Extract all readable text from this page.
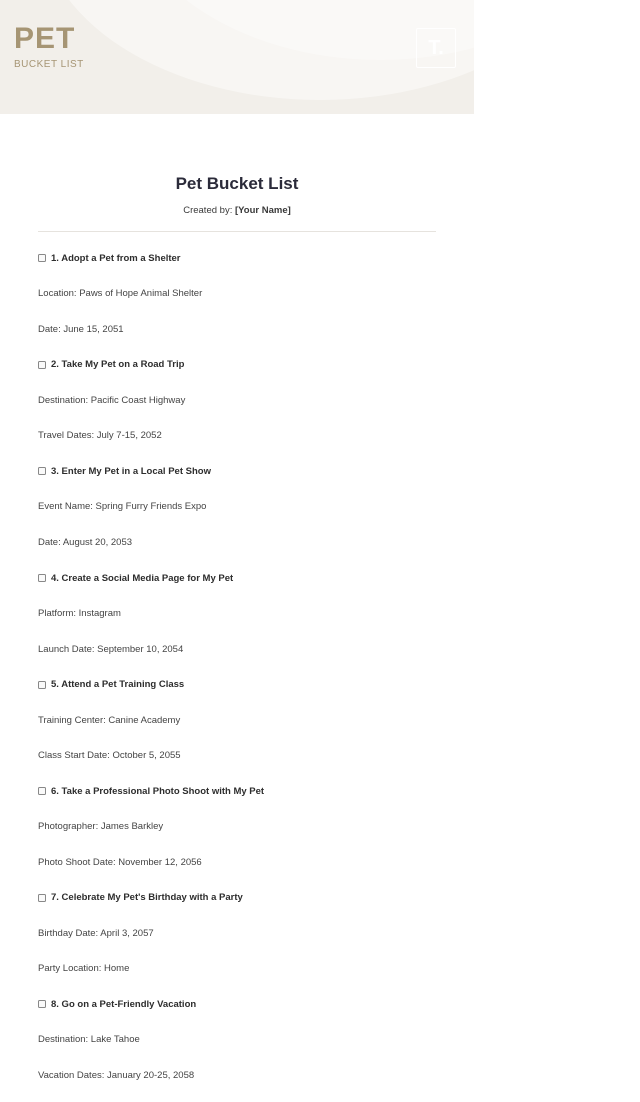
PET
BUCKET LIST
T.
Pet Bucket List
Created by: [Your Name]
1. Adopt a Pet from a Shelter
Location: Paws of Hope Animal Shelter
Date: June 15, 2051
2. Take My Pet on a Road Trip
Destination: Pacific Coast Highway
Travel Dates: July 7-15, 2052
3. Enter My Pet in a Local Pet Show
Event Name: Spring Furry Friends Expo
Date: August 20, 2053
4. Create a Social Media Page for My Pet
Platform: Instagram
Launch Date: September 10, 2054
5. Attend a Pet Training Class
Training Center: Canine Academy
Class Start Date: October 5, 2055
6. Take a Professional Photo Shoot with My Pet
Photographer: James Barkley
Photo Shoot Date: November 12, 2056
7. Celebrate My Pet's Birthday with a Party
Birthday Date: April 3, 2057
Party Location: Home
8. Go on a Pet-Friendly Vacation
Destination: Lake Tahoe
Vacation Dates: January 20-25, 2058
